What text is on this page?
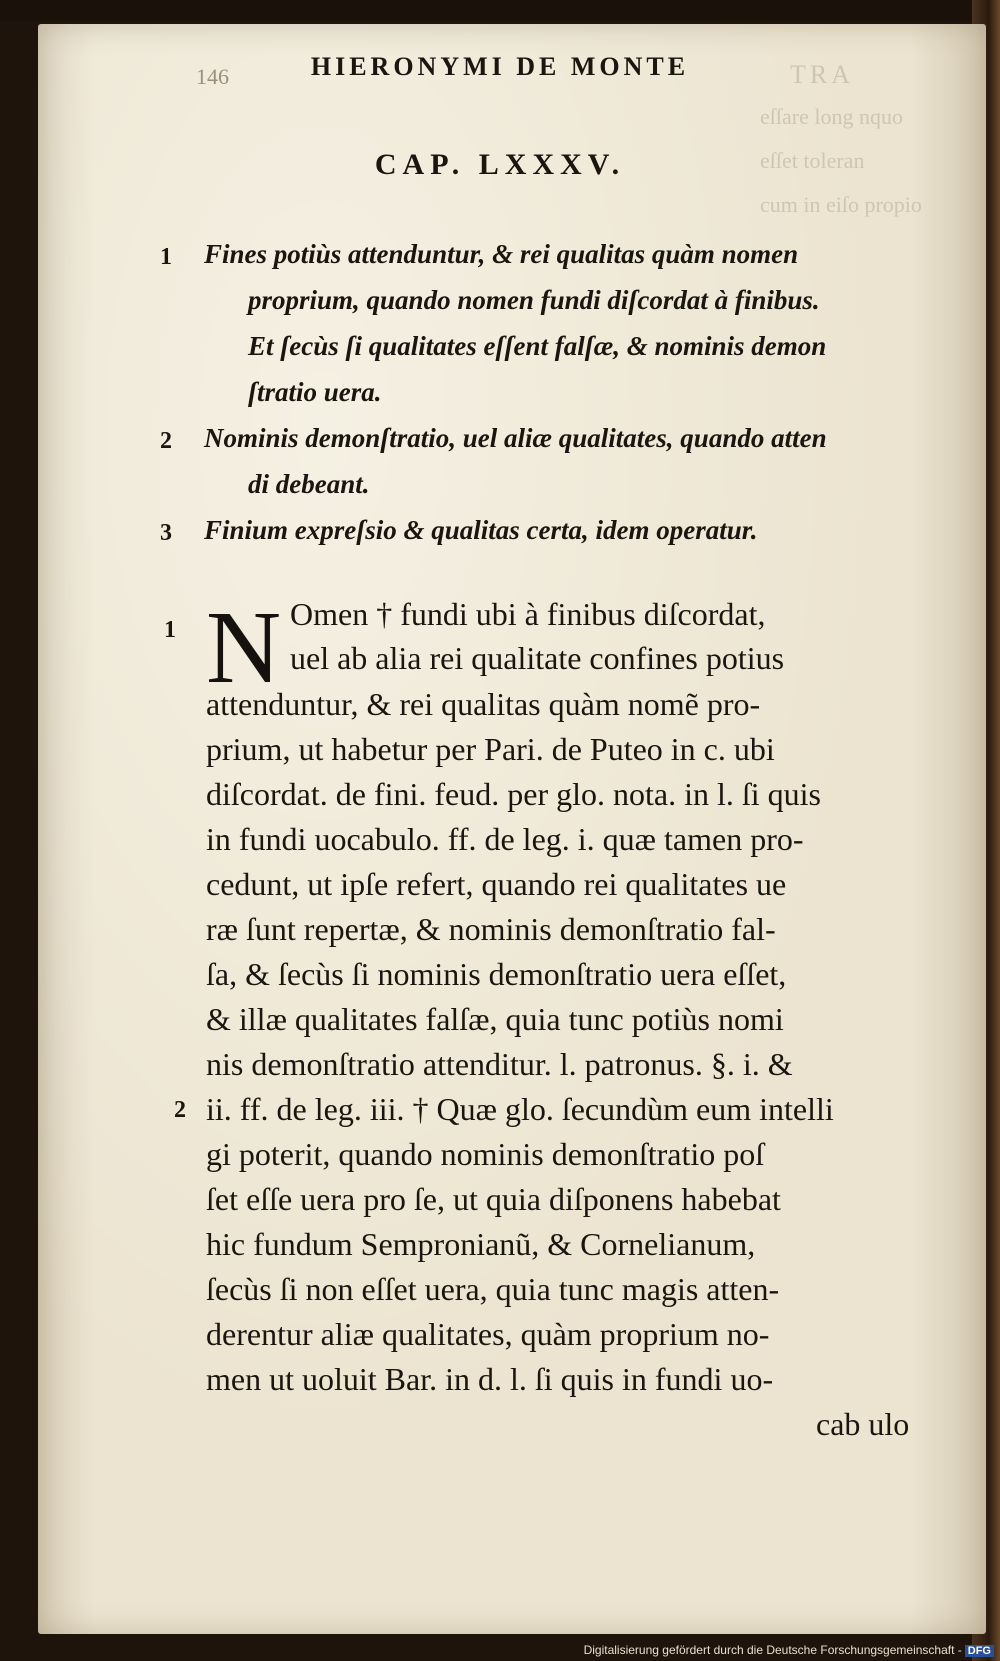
TRA
eſſare long nquo
eſſet toleran
cum in eiſo propio
146	HIERONYMI DE MONTE
CAP. LXXXV.
1 Fines potiùs attenduntur, & rei qualitas quàm nomen
proprium, quando nomen fundi diſcordat à finibus.
Et ſecùs ſi qualitates eſſent falſæ, & nominis demon
ſtratio uera.
2 Nominis demonſtratio, uel aliæ qualitates, quando atten
di debeant.
3 Finium expreſsio & qualitas certa, idem operatur.
1
2
N Omen † fundi ubi à finibus diſcordat,
uel ab alia rei qualitate confines potius
attenduntur, & rei qualitas quàm nomẽ pro-
prium, ut habetur per Pari. de Puteo in c. ubi
diſcordat. de fini. feud. per glo. nota. in l. ſi quis
in fundi uocabulo. ff. de leg. i. quæ tamen pro-
cedunt, ut ipſe refert, quando rei qualitates ue
ræ ſunt repertæ, & nominis demonſtratio fal-
ſa, & ſecùs ſi nominis demonſtratio uera eſſet,
& illæ qualitates falſæ, quia tunc potiùs nomi
nis demonſtratio attenditur. l. patronus. §. i. &
ii. ff. de leg. iii. † Quæ glo. ſecundùm eum intelli
gi poterit, quando nominis demonſtratio poſ
ſet eſſe uera pro ſe, ut quia diſponens habebat
hic fundum Sempronianũ, & Cornelianum,
ſecùs ſi non eſſet uera, quia tunc magis atten-
derentur aliæ qualitates, quàm proprium no-
men ut uoluit Bar. in d. l. ſi quis in fundi uo-
cab ulo
Digitalisierung gefördert durch die Deutsche Forschungsgemeinschaft - DFG
